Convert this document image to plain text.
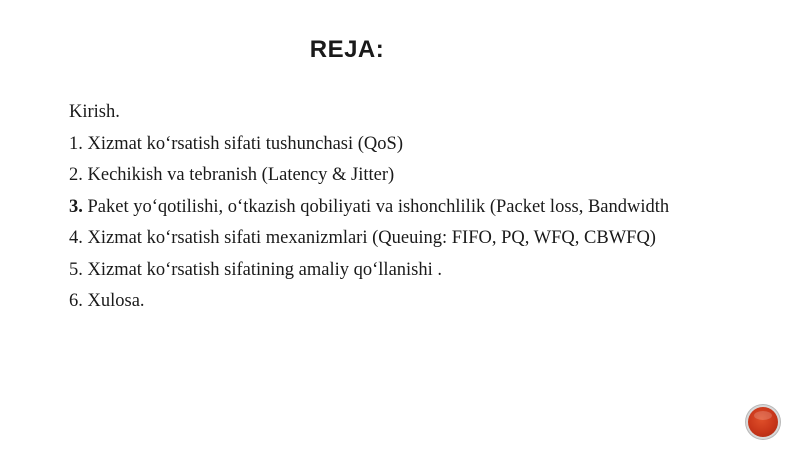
REJA:
Kirish.
1. Xizmat ko‘rsatish sifati tushunchasi (QoS)
2. Kechikish va tebranish (Latency & Jitter)
3. Paket yo‘qotilishi, o‘tkazish qobiliyati va ishonchlilik (Packet loss, Bandwidth
4. Xizmat ko‘rsatish sifati mexanizmlari (Queuing: FIFO, PQ, WFQ, CBWFQ)
5. Xizmat ko‘rsatish sifatining amaliy qo‘llanishi .
6. Xulosa.
